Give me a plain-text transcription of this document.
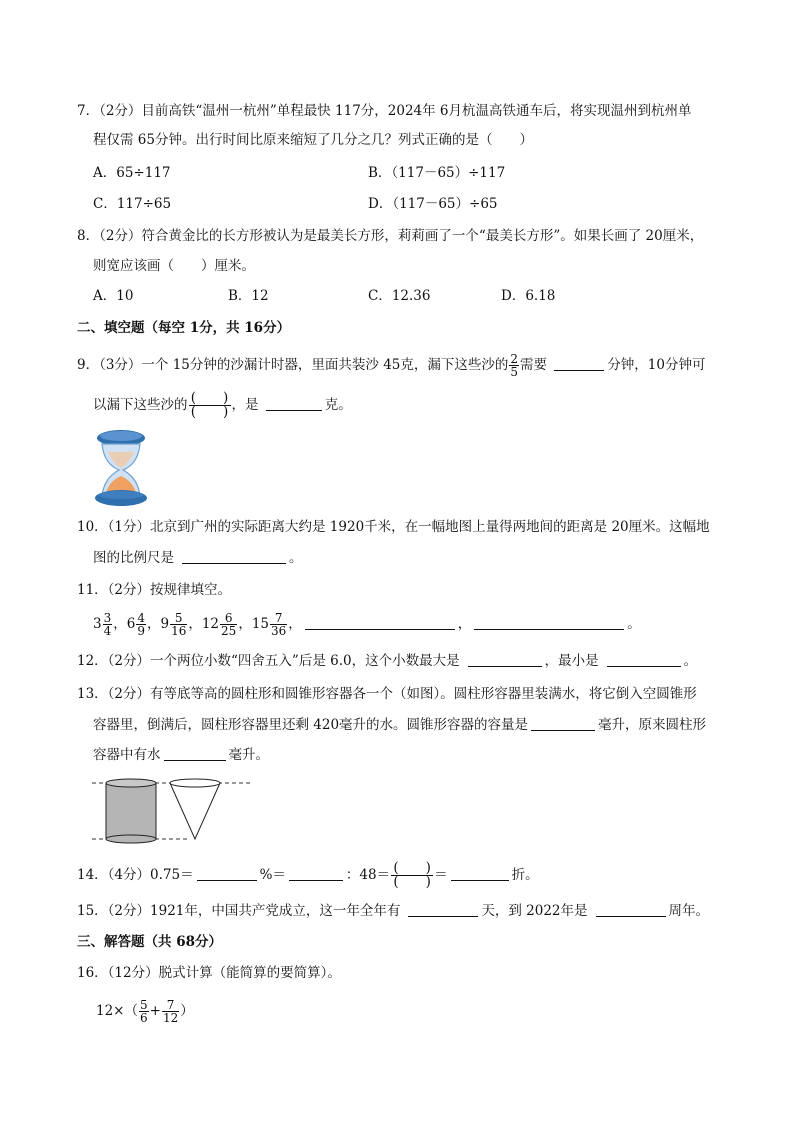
7．（2分）目前高铁“温州一杭州”单程最快 117分，2024年 6月杭温高铁通车后，将实现温州到杭州单
程仅需 65分钟。出行时间比原来缩短了几分之几？列式正确的是（　　）
A．65÷117	B．（117－65）÷117
C．117÷65	D．（117－65）÷65
8．（2分）符合黄金比的长方形被认为是最美长方形，莉莉画了一个“最美长方形”。如果长画了 20厘米，
则宽应该画（　　）厘米。
A．10	B．12	C．12.36	D．6.18
二、填空题（每空 1分，共 16分）
9．（3分）一个 15分钟的沙漏计时器，里面共装沙 45克，漏下这些沙的 $\frac{2}{5}$ 需要	分钟，10分钟可
以漏下这些沙的 $\frac{( )}{( )}$ ，是	克。
10．（1分）北京到广州的实际距离大约是 1920千米，在一幅地图上量得两地间的距离是 20厘米。这幅地
图的比例尺是	。
11．（2分）按规律填空。
$3 \frac{3}{4}$ ， $6 \frac{4}{9}$ ， $9 \frac{5}{16}$ ， $12 \frac{6}{25}$ ， $15 \frac{7}{36}$ ，	，	。
12．（2分）一个两位小数“四舍五入”后是 6.0，这个小数最大是	，最小是	。
13．（2分）有等底等高的圆柱形和圆锥形容器各一个（如图）。圆柱形容器里装满水，将它倒入空圆锥形
容器里，倒满后，圆柱形容器里还剩 420毫升的水。圆锥形容器的容量是	毫升，原来圆柱形
容器中有水	毫升。
14．（4分）0.75＝	%＝	：$48= \frac{( )}{( )}$ ＝	折。
15．（2分）1921年，中国共产党成立，这一年全年有	天，到 2022年是	周年。
三、解答题（共 68分）
16．（12分）脱式计算（能简算的要简算）。
$12\times( \frac{5}{6} + \frac{7}{12}$ ）
